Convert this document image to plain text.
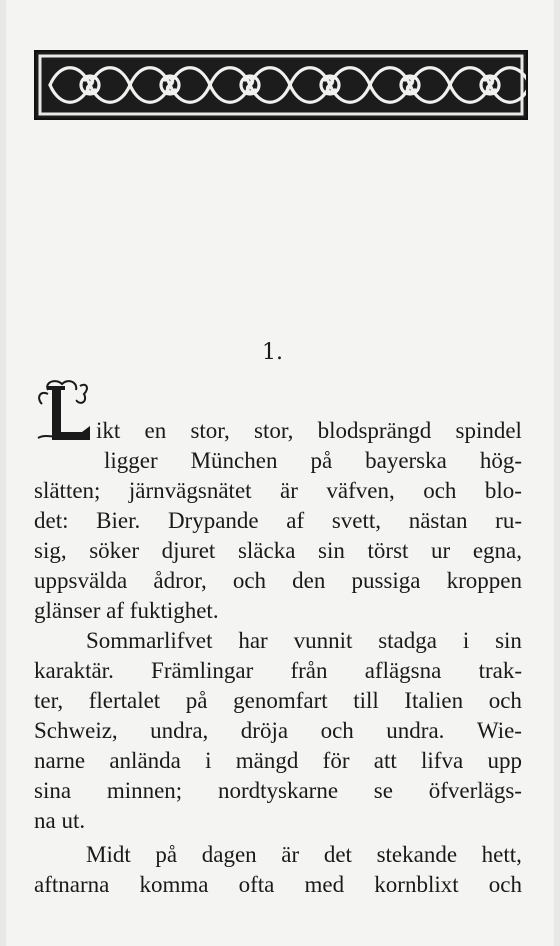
1.
ikt en stor, stor, blodsprängd spindel
ligger München på bayerska hög-
slätten; järnvägsnätet är väfven, och blo-
det: Bier. Drypande af svett, nästan ru-
sig, söker djuret släcka sin törst ur egna,
uppsvälda ådror, och den pussiga kroppen
glänser af fuktighet.
Sommarlifvet har vunnit stadga i sin
karaktär. Främlingar från aflägsna trak-
ter, flertalet på genomfart till Italien och
Schweiz, undra, dröja och undra. Wie-
narne anlända i mängd för att lifva upp
sina minnen; nordtyskarne se öfverlägs-
na ut.
Midt på dagen är det stekande hett,
aftnarna komma ofta med kornblixt och
